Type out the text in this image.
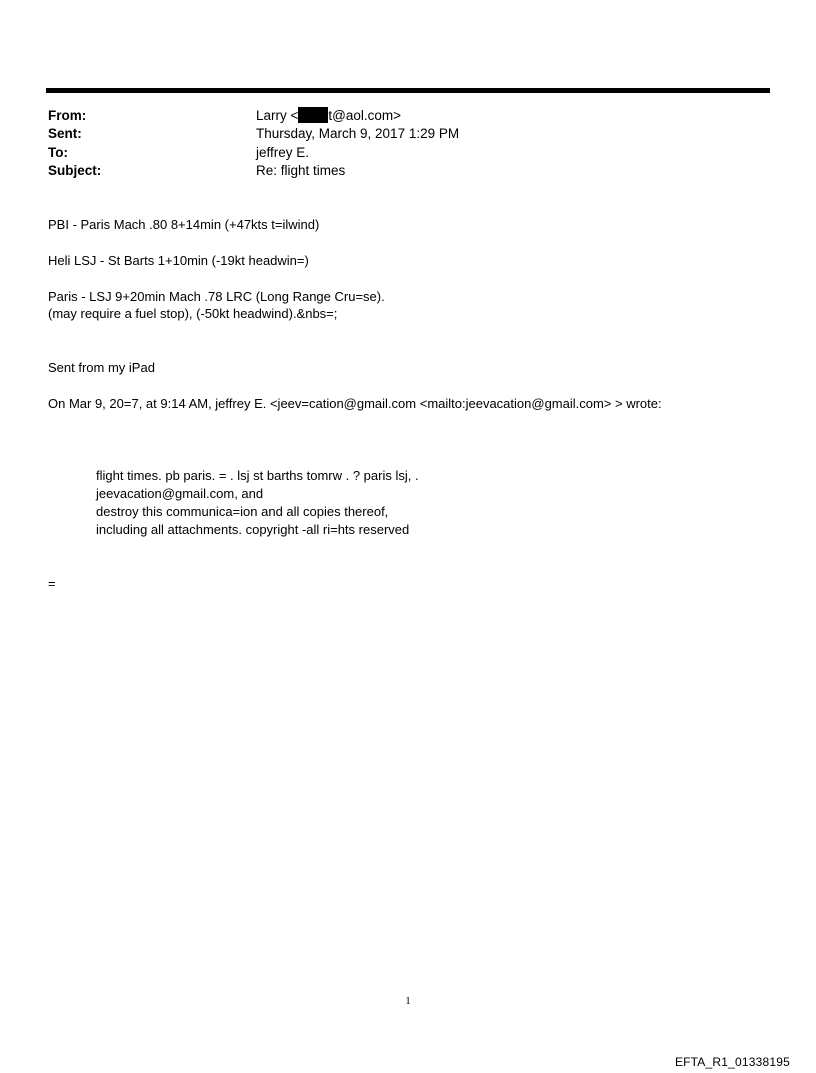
From:	Larry < t@aol.com>
Sent:	Thursday, March 9, 2017 1:29 PM
To:	jeffrey E.
Subject:	Re: flight times
PBI - Paris Mach .80 8+14min (+47kts t=ilwind)
Heli LSJ - St Barts 1+10min (-19kt headwin=)
Paris - LSJ 9+20min Mach .78 LRC (Long Range Cru=se).
(may require a fuel stop), (-50kt headwind).&nbs=;
Sent from my iPad
On Mar 9, 20=7, at 9:14 AM, jeffrey E. <jeev=cation@gmail.com <mailto:jeevacation@gmail.com> > wrote:
flight times. pb paris. = . lsj st barths tomrw . ? paris lsj, .
jeevacation@gmail.com, and
destroy this communica=ion and all copies thereof,
including all attachments. copyright -all ri=hts reserved
=
1
EFTA_R1_01338195
